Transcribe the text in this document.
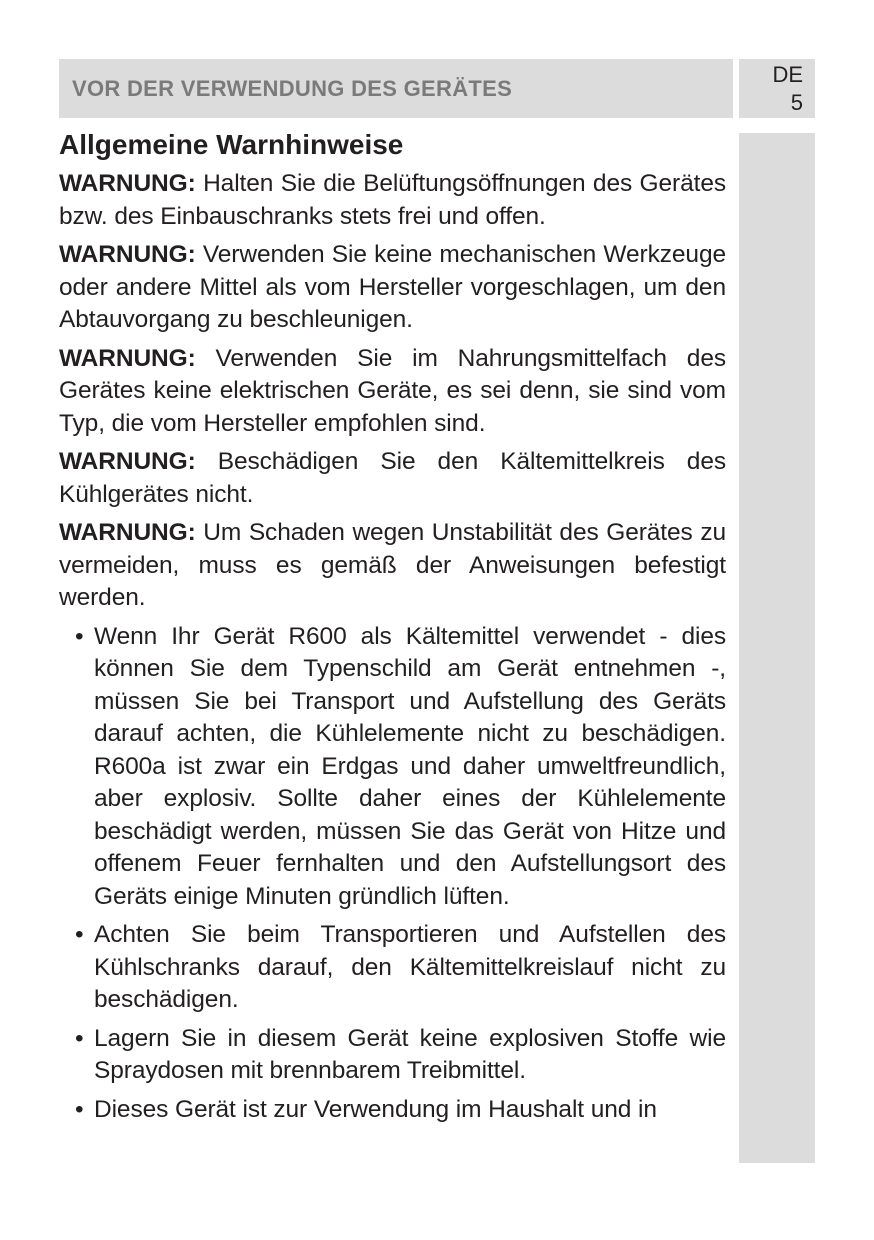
VOR DER VERWENDUNG DES GERÄTES
DE
5
Allgemeine Warnhinweise

WARNUNG: Halten Sie die Belüftungsöffnungen des Gerätes bzw. des Einbauschranks stets frei und offen.

WARNUNG: Verwenden Sie keine mechanischen Werkzeuge oder andere Mittel als vom Hersteller vorgeschlagen, um den Abtauvorgang zu beschleunigen.

WARNUNG: Verwenden Sie im Nahrungsmittelfach des Gerätes keine elektrischen Geräte, es sei denn, sie sind vom Typ, die vom Hersteller empfohlen sind.

WARNUNG: Beschädigen Sie den Kältemittelkreis des Kühlgerätes nicht.

WARNUNG: Um Schaden wegen Unstabilität des Gerätes zu vermeiden, muss es gemäß der Anweisungen befestigt werden.

• Wenn Ihr Gerät R600 als Kältemittel verwendet - dies können Sie dem Typenschild am Gerät entnehmen -, müssen Sie bei Transport und Aufstellung des Geräts darauf achten, die Kühlelemente nicht zu beschädigen. R600a ist zwar ein Erdgas und daher umweltfreundlich, aber explosiv. Sollte daher eines der Kühlelemente beschädigt werden, müssen Sie das Gerät von Hitze und offenem Feuer fernhalten und den Aufstellungsort des Geräts einige Minuten gründlich lüften.
• Achten Sie beim Transportieren und Aufstellen des Kühlschranks darauf, den Kältemittelkreislauf nicht zu beschädigen.
• Lagern Sie in diesem Gerät keine explosiven Stoffe wie Spraydosen mit brennbarem Treibmittel.
• Dieses Gerät ist zur Verwendung im Haushalt und in
